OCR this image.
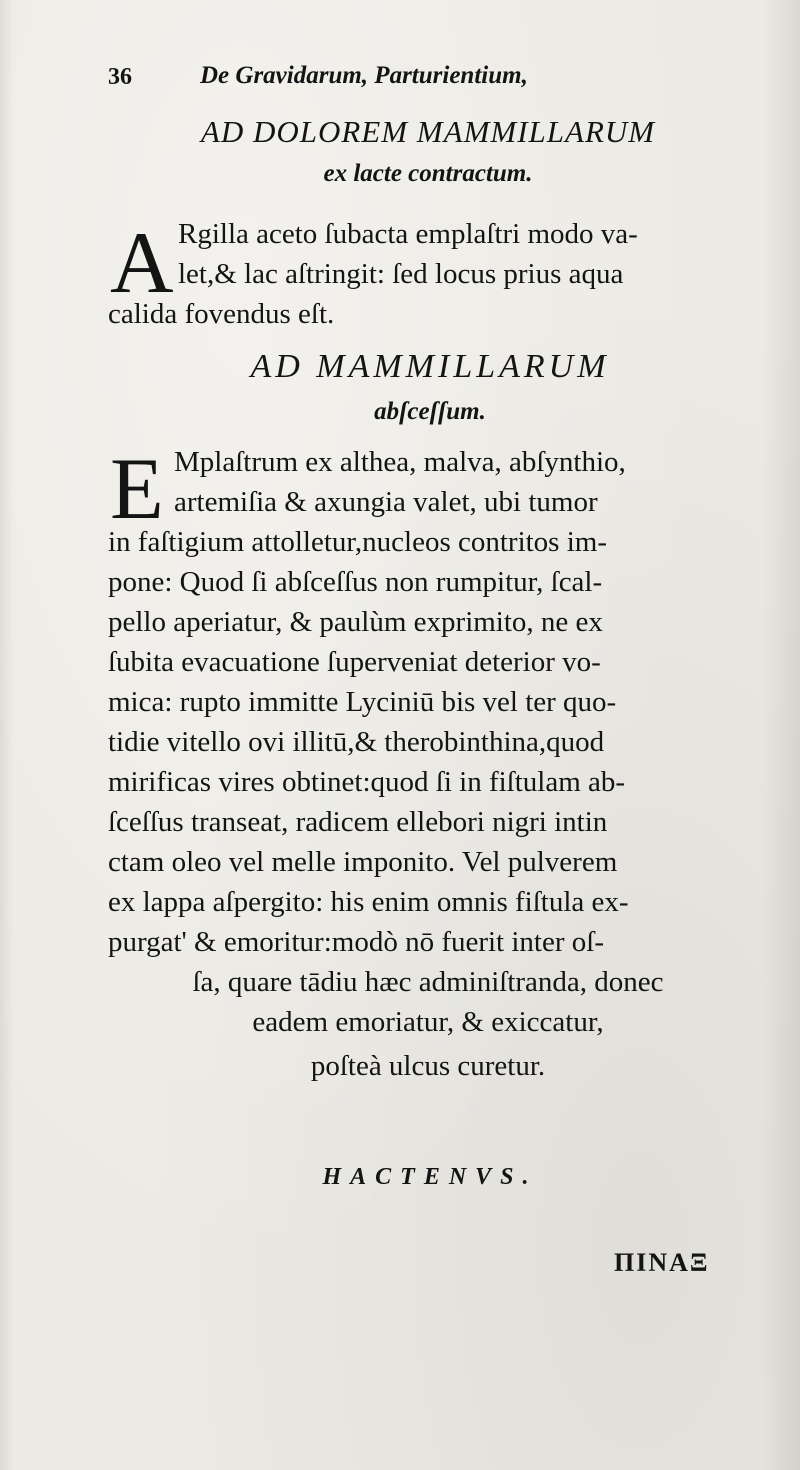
36	De Gravidarum, Parturientium,
AD DOLOREM MAMMILLARUM
ex lacte contractum.
A Rgilla aceto ſubacta emplaſtri modo va-
let,& lac aſtringit: ſed locus prius aqua
calida fovendus eſt.
AD MAMMILLARUM
abſceſſum.
E Mplaſtrum ex althea, malva, abſynthio,
artemiſia & axungia valet, ubi tumor
in faſtigium attolletur,nucleos contritos im-
pone: Quod ſi abſceſſus non rumpitur, ſcal-
pello aperiatur, & paulùm exprimito, ne ex
ſubita evacuatione ſuperveniat deterior vo-
mica: rupto immitte Lyciniū bis vel ter quo-
tidie vitello ovi illitū,& therobinthina,quod
mirificas vires obtinet:quod ſi in fiſtulam ab-
ſceſſus transeat, radicem ellebori nigri intin
ctam oleo vel melle imponito. Vel pulverem
ex lappa aſpergito: his enim omnis fiſtula ex-
purgat' & emoritur:modò nō fuerit inter oſ-
ſa, quare tādiu hæc adminiſtranda, donec
eadem emoriatur, & exiccatur,
poſteà ulcus curetur.
HACTENVS.
ΠΙΝΑΞ
